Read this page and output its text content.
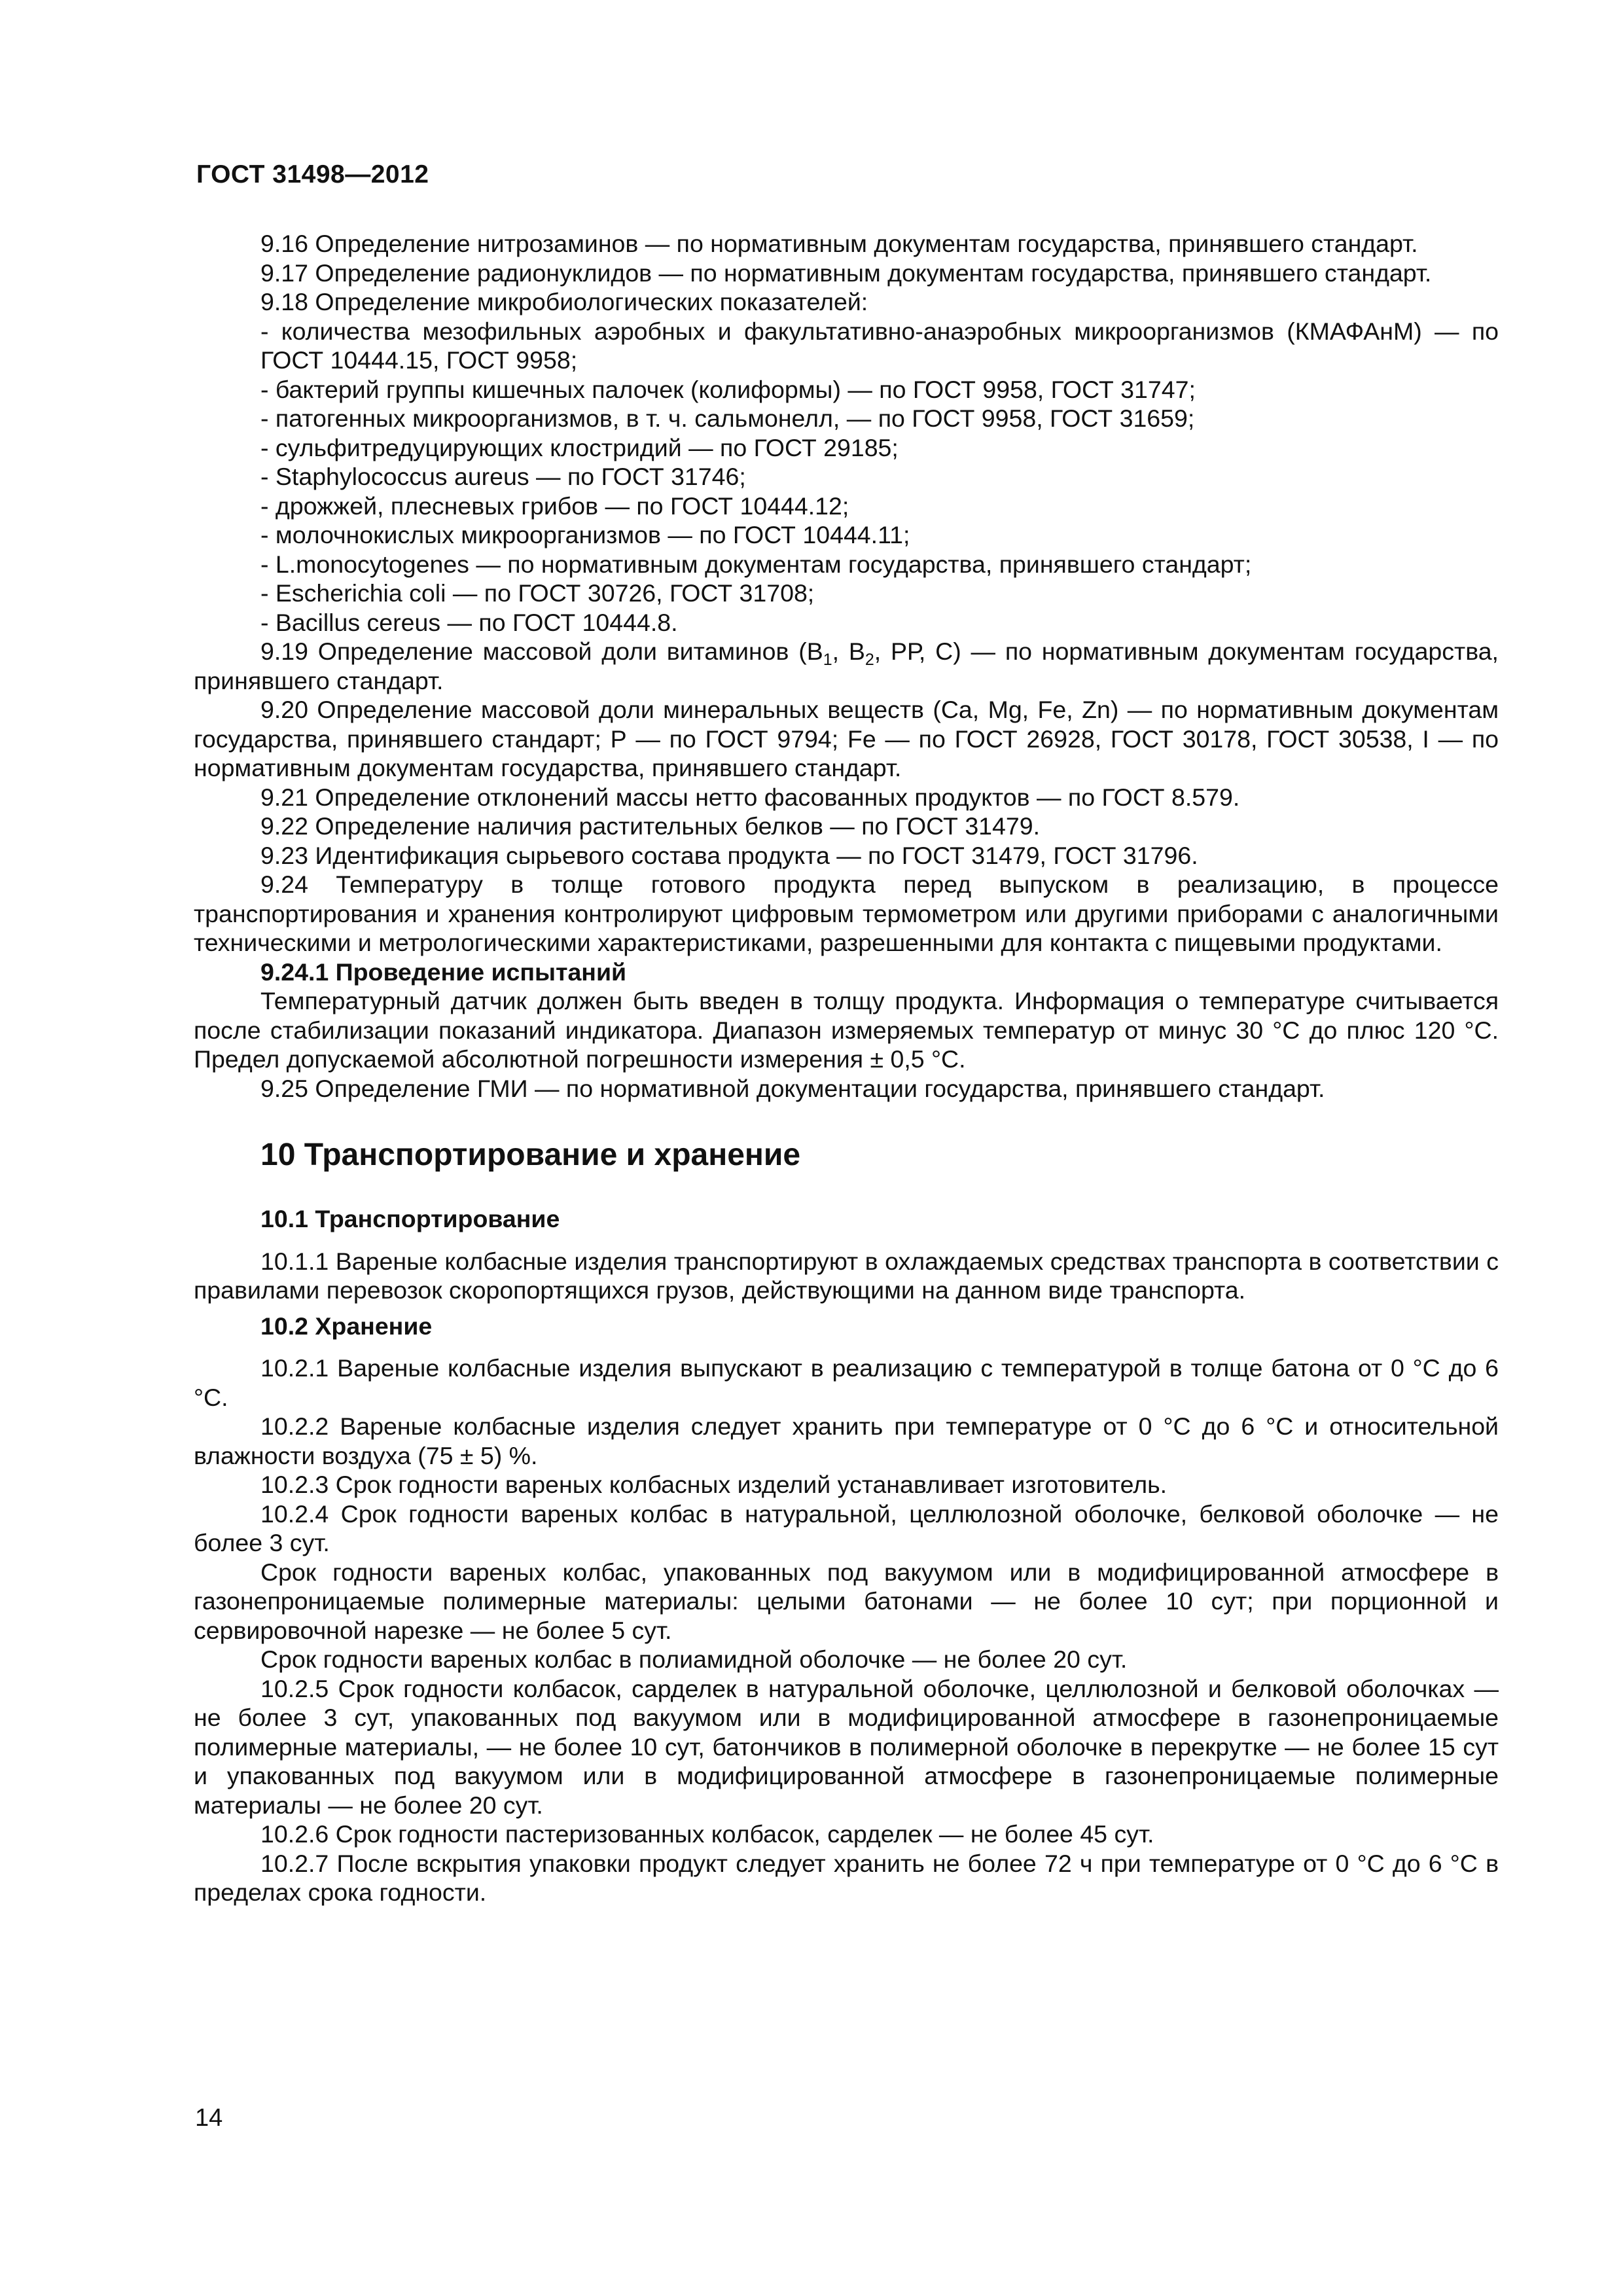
ГОСТ 31498—2012

9.16 Определение нитрозаминов — по нормативным документам государства, принявшего стандарт.

9.17 Определение радионуклидов — по нормативным документам государства, принявшего стандарт.

9.18 Определение микробиологических показателей:

- количества мезофильных аэробных и факультативно-анаэробных микроорганизмов (КМАФАнМ) — по ГОСТ 10444.15, ГОСТ 9958;

- бактерий группы кишечных палочек (колиформы) — по ГОСТ 9958, ГОСТ 31747;

- патогенных микроорганизмов, в т. ч. сальмонелл, — по ГОСТ 9958, ГОСТ 31659;

- сульфитредуцирующих клостридий — по ГОСТ 29185;

- Staphylococcus aureus — по ГОСТ 31746;

- дрожжей, плесневых грибов — по ГОСТ 10444.12;

- молочнокислых микроорганизмов — по ГОСТ 10444.11;

- L.monocytogenes — по нормативным документам государства, принявшего стандарт;

- Escherichia coli — по ГОСТ 30726, ГОСТ 31708;

- Bacillus cereus — по ГОСТ 10444.8.

9.19 Определение массовой доли витаминов ($В_1$, $В_2$, РР, С) — по нормативным документам государства, принявшего стандарт.

9.20 Определение массовой доли минеральных веществ (Ca, Mg, Fe, Zn) — по нормативным документам государства, принявшего стандарт; Р — по ГОСТ 9794; Fe — по ГОСТ 26928, ГОСТ 30178, ГОСТ 30538, I — по нормативным документам государства, принявшего стандарт.

9.21 Определение отклонений массы нетто фасованных продуктов — по ГОСТ 8.579.

9.22 Определение наличия растительных белков — по ГОСТ 31479.

9.23 Идентификация сырьевого состава продукта — по ГОСТ 31479, ГОСТ 31796.

9.24 Температуру в толще готового продукта перед выпуском в реализацию, в процессе транспортирования и хранения контролируют цифровым термометром или другими приборами с аналогичными техническими и метрологическими характеристиками, разрешенными для контакта с пищевыми продуктами.

9.24.1 Проведение испытаний

Температурный датчик должен быть введен в толщу продукта. Информация о температуре считывается после стабилизации показаний индикатора. Диапазон измеряемых температур от минус 30 °С до плюс 120 °С. Предел допускаемой абсолютной погрешности измерения ± 0,5 °С.

9.25 Определение ГМИ — по нормативной документации государства, принявшего стандарт.

10 Транспортирование и хранение

10.1 Транспортирование

10.1.1 Вареные колбасные изделия транспортируют в охлаждаемых средствах транспорта в соответствии с правилами перевозок скоропортящихся грузов, действующими на данном виде транспорта.

10.2 Хранение

10.2.1 Вареные колбасные изделия выпускают в реализацию с температурой в толще батона от 0 °С до 6 °С.

10.2.2 Вареные колбасные изделия следует хранить при температуре от 0 °С до 6 °С и относительной влажности воздуха (75 ± 5) %.

10.2.3 Срок годности вареных колбасных изделий устанавливает изготовитель.

10.2.4 Срок годности вареных колбас в натуральной, целлюлозной оболочке, белковой оболочке — не более 3 сут.

Срок годности вареных колбас, упакованных под вакуумом или в модифицированной атмосфере в газонепроницаемые полимерные материалы: целыми батонами — не более 10 сут; при порционной и сервировочной нарезке — не более 5 сут.

Срок годности вареных колбас в полиамидной оболочке — не более 20 сут.

10.2.5 Срок годности колбасок, сарделек в натуральной оболочке, целлюлозной и белковой оболочках — не более 3 сут, упакованных под вакуумом или в модифицированной атмосфере в газонепроницаемые полимерные материалы, — не более 10 сут, батончиков в полимерной оболочке в перекрутке — не более 15 сут и упакованных под вакуумом или в модифицированной атмосфере в газонепроницаемые полимерные материалы — не более 20 сут.

10.2.6 Срок годности пастеризованных колбасок, сарделек — не более 45 сут.

10.2.7 После вскрытия упаковки продукт следует хранить не более 72 ч при температуре от 0 °С до 6 °С в пределах срока годности.

14
